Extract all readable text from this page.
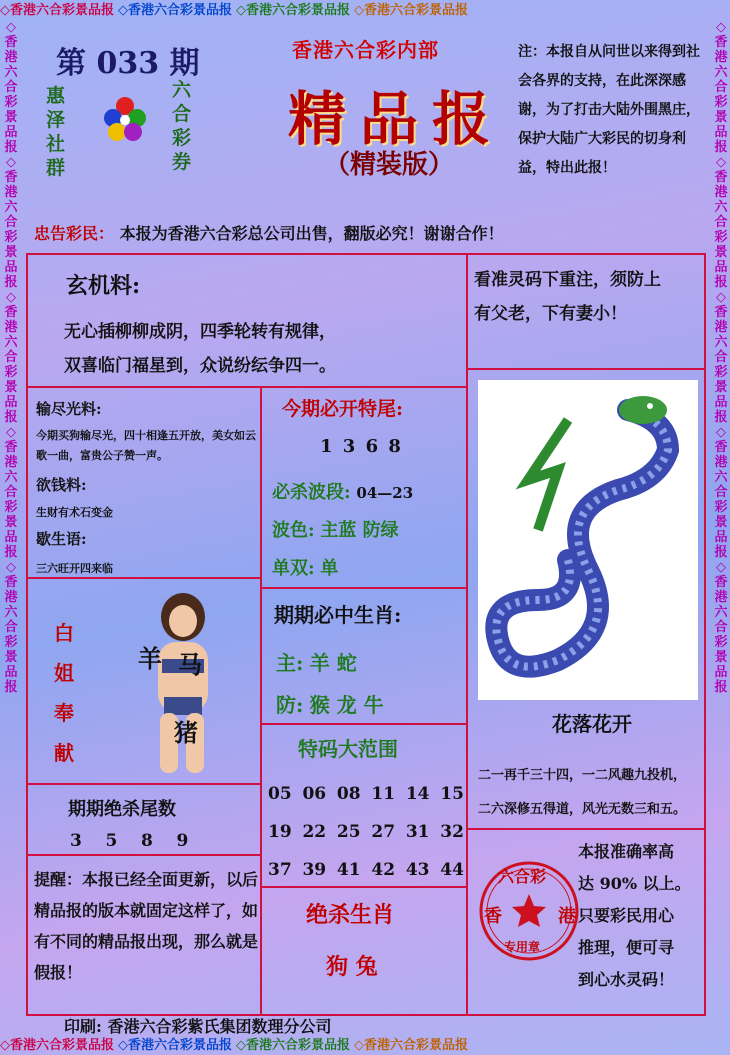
◇香港六合彩景品报 ◇香港六合彩景品报 ◇香港六合彩景品报 ◇香港六合彩景品报
◇香港六合彩景品报◇香港六合彩景品报◇香港六合彩景品报◇香港六合彩景品报◇香港六合彩景品报
◇香港六合彩景品报◇香港六合彩景品报◇香港六合彩景品报◇香港六合彩景品报◇香港六合彩景品报
◇香港六合彩景品报 ◇香港六合彩景品报 ◇香港六合彩景品报 ◇香港六合彩景品报
第 033 期
惠
泽
社
群
六
合
彩
券
香港六合彩内部
精品报
（精装版）
注：本报自从问世以来得到社会各界的支持，在此深深感谢，为了打击大陆外围黑庄，保护大陆广大彩民的切身利益，特出此报！
忠告彩民： 本报为香港六合彩总公司出售，翻版必究！谢谢合作！
玄机料:
无心插柳柳成阴，四季轮转有规律，
双喜临门福星到，众说纷纭争四一。
看准灵码下重注，须防上
有父老，下有妻小！
输尽光料:
今期买狗输尽光，四十相逢五开放，美女如云歌一曲，富贵公子赞一声。
欲钱料:
生财有术石变金
歇生语:
三六旺开四来临
今期必开特尾:
1 3 6 8
必杀波段: 04—23
波色: 主蓝 防绿
单双: 单
白
姐
奉
献
羊 马
猪
期期必中生肖:
主: 羊 蛇
防: 猴 龙 牛
花落花开
二一再千三十四，一二风趣九投机，
二六深修五得道，风光无数三和五。
期期绝杀尾数
3    5    8    9
特码大范围
05 06 08 11 14 15
19 22 25 27 31 32
37 39 41 42 43 44
提醒：本报已经全面更新，以后精品报的版本就固定这样了，如有不同的精品报出现，那么就是假报！
绝杀生肖
狗 兔
六合彩
香	港
专用章
本报准确率高
达 90% 以上。
只要彩民用心
推理，便可寻
到心水灵码！
印刷: 香港六合彩紫氏集团数理分公司
